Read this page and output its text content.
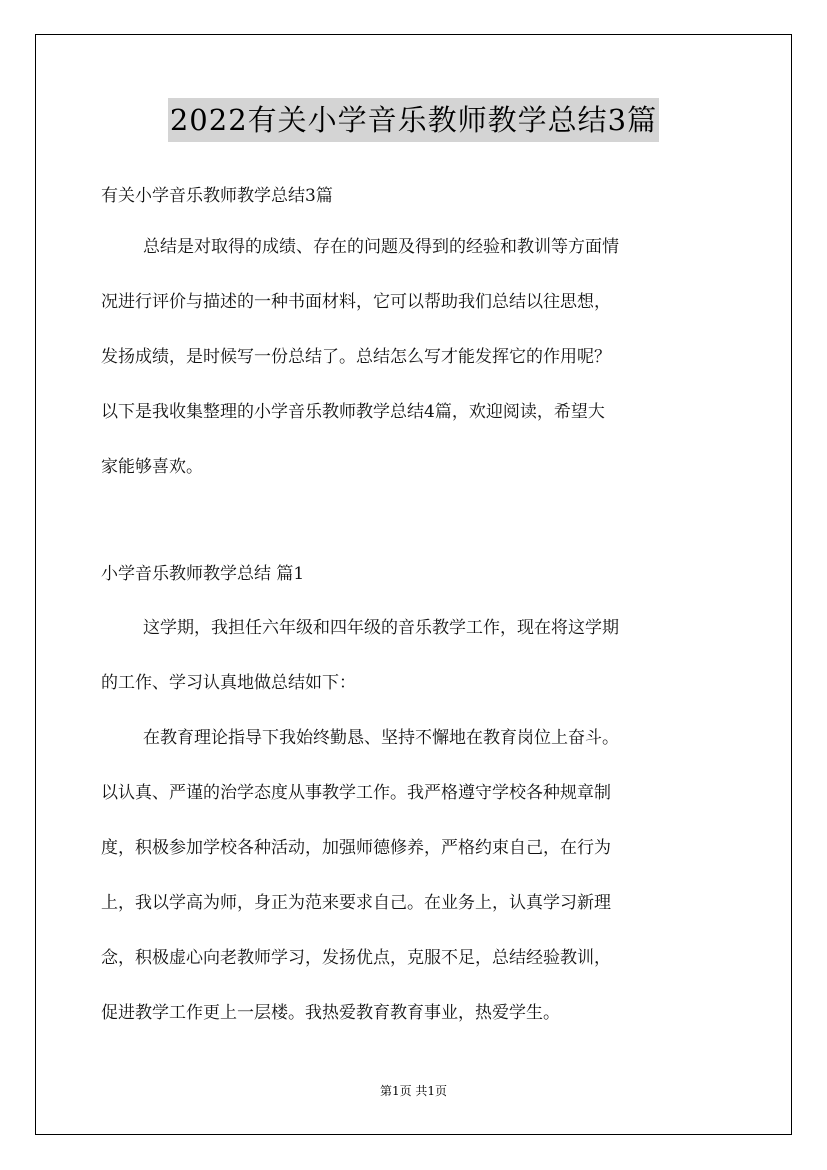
2022有关小学音乐教师教学总结3篇
有关小学音乐教师教学总结3篇
总结是对取得的成绩、存在的问题及得到的经验和教训等方面情
况进行评价与描述的一种书面材料，它可以帮助我们总结以往思想，
发扬成绩，是时候写一份总结了。总结怎么写才能发挥它的作用呢？
以下是我收集整理的小学音乐教师教学总结4篇，欢迎阅读，希望大
家能够喜欢。
小学音乐教师教学总结 篇1
这学期，我担任六年级和四年级的音乐教学工作，现在将这学期
的工作、学习认真地做总结如下：
在教育理论指导下我始终勤恳、坚持不懈地在教育岗位上奋斗。
以认真、严谨的治学态度从事教学工作。我严格遵守学校各种规章制
度，积极参加学校各种活动，加强师德修养，严格约束自己，在行为
上，我以学高为师，身正为范来要求自己。在业务上，认真学习新理
念，积极虚心向老教师学习，发扬优点，克服不足，总结经验教训，
促进教学工作更上一层楼。我热爱教育教育事业，热爱学生。
第1页 共1页
